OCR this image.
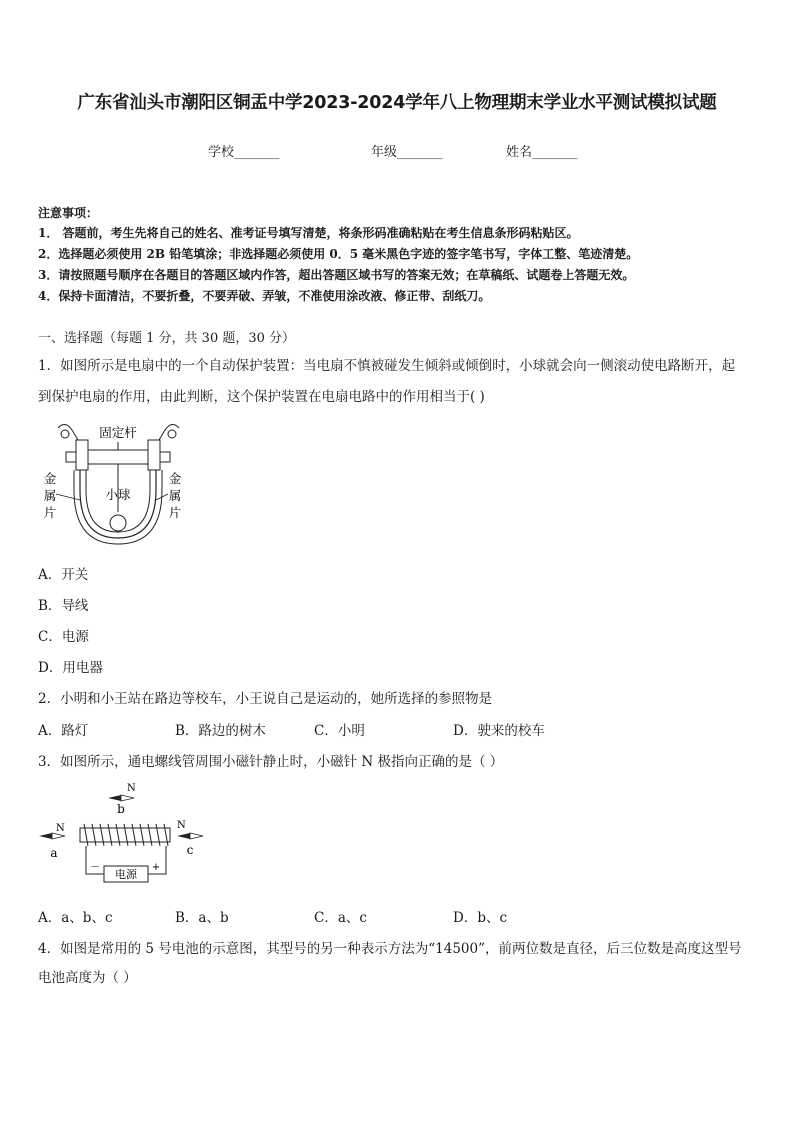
广东省汕头市潮阳区铜盂中学2023-2024学年八上物理期末学业水平测试模拟试题
学校_______	年级_______	姓名_______
注意事项：
1． 答题前，考生先将自己的姓名、准考证号填写清楚，将条形码准确粘贴在考生信息条形码粘贴区。
2．选择题必须使用 2B 铅笔填涂；非选择题必须使用 0．5 毫米黑色字迹的签字笔书写，字体工整、笔迹清楚。
3．请按照题号顺序在各题目的答题区域内作答，超出答题区域书写的答案无效；在草稿纸、试题卷上答题无效。
4．保持卡面清洁，不要折叠，不要弄破、弄皱，不准使用涂改液、修正带、刮纸刀。
一、选择题（每题 1 分，共 30 题，30 分）
1．如图所示是电扇中的一个自动保护装置：当电扇不慎被碰发生倾斜或倾倒时，小球就会向一侧滚动使电路断开，起
到保护电扇的作用，由此判断，这个保护装置在电扇电路中的作用相当于( )
固定杆
小球
金
属
片
金
属
片
A．开关
B．导线
C．电源
D．用电器
2．小明和小王站在路边等校车，小王说自己是运动的，她所选择的参照物是
A．路灯	B．路边的树木	C．小明	D．驶来的校车
3．如图所示，通电螺线管周围小磁针静止时，小磁针 N 极指向正确的是（ ）
N
b
N
a
N
c
电源
－	+
A．a、b、c	B．a、b	C．a、c	D．b、c
4．如图是常用的 5 号电池的示意图，其型号的另一种表示方法为“14500”，前两位数是直径，后三位数是高度这型号
电池高度为（ ）
